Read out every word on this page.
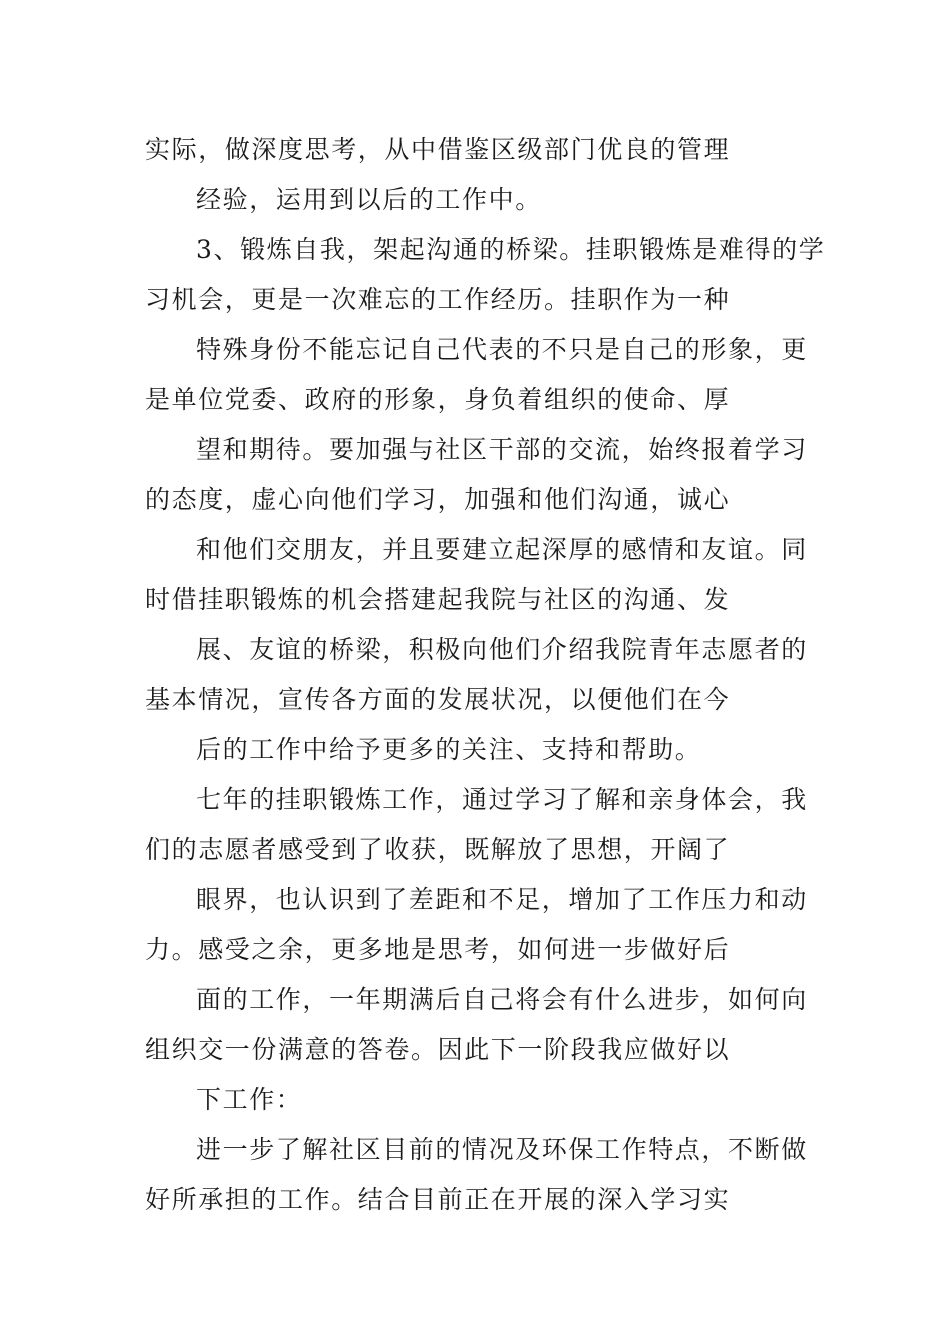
实际，做深度思考，从中借鉴区级部门优良的管理
经验，运用到以后的工作中。
3、锻炼自我，架起沟通的桥梁。挂职锻炼是难得的学
习机会，更是一次难忘的工作经历。挂职作为一种
特殊身份不能忘记自己代表的不只是自己的形象，更
是单位党委、政府的形象，身负着组织的使命、厚
望和期待。要加强与社区干部的交流，始终报着学习
的态度，虚心向他们学习，加强和他们沟通，诚心
和他们交朋友，并且要建立起深厚的感情和友谊。同
时借挂职锻炼的机会搭建起我院与社区的沟通、发
展、友谊的桥梁，积极向他们介绍我院青年志愿者的
基本情况，宣传各方面的发展状况，以便他们在今
后的工作中给予更多的关注、支持和帮助。
七年的挂职锻炼工作，通过学习了解和亲身体会，我
们的志愿者感受到了收获，既解放了思想，开阔了
眼界，也认识到了差距和不足，增加了工作压力和动
力。感受之余，更多地是思考，如何进一步做好后
面的工作，一年期满后自己将会有什么进步，如何向
组织交一份满意的答卷。因此下一阶段我应做好以
下工作：
进一步了解社区目前的情况及环保工作特点，不断做
好所承担的工作。结合目前正在开展的深入学习实
